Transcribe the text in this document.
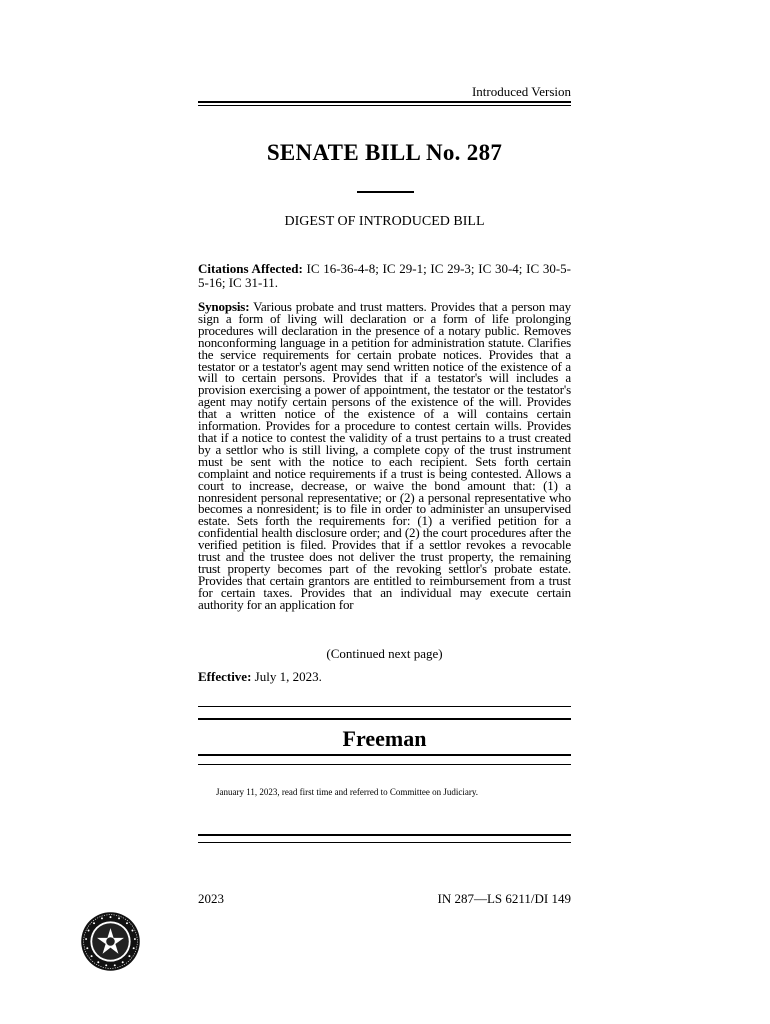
Introduced Version
SENATE BILL No. 287
DIGEST OF INTRODUCED BILL
Citations Affected: IC 16-36-4-8; IC 29-1; IC 29-3; IC 30-4; IC 30-5-5-16; IC 31-11.
Synopsis: Various probate and trust matters. Provides that a person may sign a form of living will declaration or a form of life prolonging procedures will declaration in the presence of a notary public. Removes nonconforming language in a petition for administration statute. Clarifies the service requirements for certain probate notices. Provides that a testator or a testator's agent may send written notice of the existence of a will to certain persons. Provides that if a testator's will includes a provision exercising a power of appointment, the testator or the testator's agent may notify certain persons of the existence of the will. Provides that a written notice of the existence of a will contains certain information. Provides for a procedure to contest certain wills. Provides that if a notice to contest the validity of a trust pertains to a trust created by a settlor who is still living, a complete copy of the trust instrument must be sent with the notice to each recipient. Sets forth certain complaint and notice requirements if a trust is being contested. Allows a court to increase, decrease, or waive the bond amount that: (1) a nonresident personal representative; or (2) a personal representative who becomes a nonresident; is to file in order to administer an unsupervised estate. Sets forth the requirements for: (1) a verified petition for a confidential health disclosure order; and (2) the court procedures after the verified petition is filed. Provides that if a settlor revokes a revocable trust and the trustee does not deliver the trust property, the remaining trust property becomes part of the revoking settlor's probate estate. Provides that certain grantors are entitled to reimbursement from a trust for certain taxes. Provides that an individual may execute certain authority for an application for
(Continued next page)
Effective: July 1, 2023.
Freeman
January 11, 2023, read first time and referred to Committee on Judiciary.
2023	IN 287—LS 6211/DI 149
